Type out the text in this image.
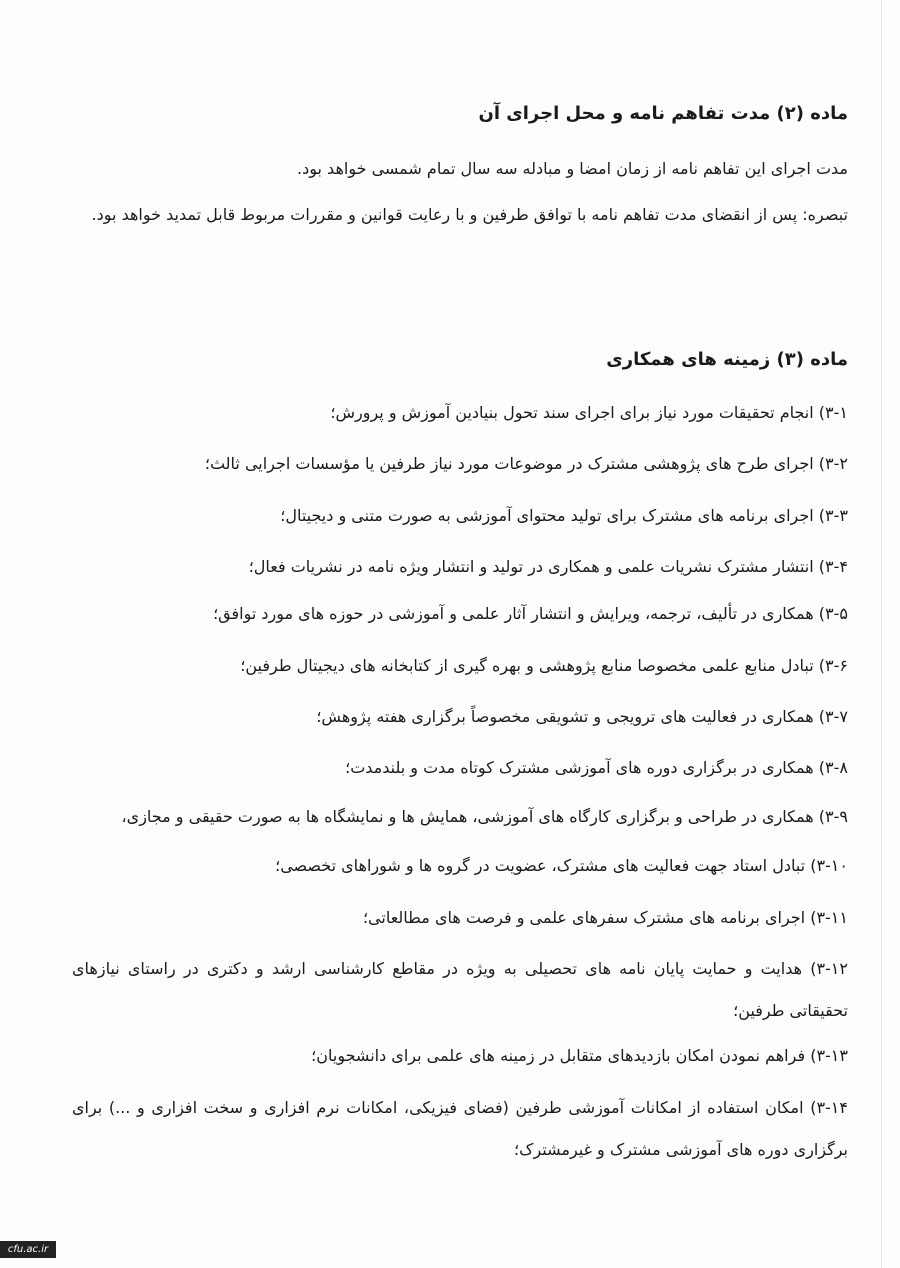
ماده (۲) مدت تفاهم نامه و محل اجرای آن
مدت اجرای این تفاهم نامه از زمان امضا و مبادله سه سال تمام شمسی خواهد بود.
تبصره: پس از انقضای مدت تفاهم نامه با توافق طرفین و با رعایت قوانین و مقررات مربوط قابل تمدید خواهد بود.
ماده (۳) زمینه های همکاری
۳-۱) انجام تحقیقات مورد نیاز برای اجرای سند تحول بنیادین آموزش و پرورش؛
۳-۲) اجرای طرح های پژوهشی مشترک در موضوعات مورد نیاز طرفین یا مؤسسات اجرایی ثالث؛
۳-۳) اجرای برنامه های مشترک برای تولید محتوای آموزشی به صورت متنی و دیجیتال؛
۳-۴) انتشار مشترک نشریات علمی و همکاری در تولید و انتشار ویژه نامه در نشریات فعال؛
۳-۵) همکاری در تألیف، ترجمه، ویرایش و انتشار آثار علمی و آموزشی در حوزه های مورد توافق؛
۳-۶) تبادل منابع علمی مخصوصا منابع پژوهشی و بهره گیری از کتابخانه های دیجیتال طرفین؛
۳-۷) همکاری در فعالیت های ترویجی و تشویقی مخصوصاً برگزاری هفته پژوهش؛
۳-۸) همکاری در برگزاری دوره های آموزشی مشترک کوتاه مدت و بلندمدت؛
۳-۹) همکاری در طراحی و برگزاری کارگاه های آموزشی، همایش ها و نمایشگاه ها به صورت حقیقی و مجازی،
۳-۱۰) تبادل استاد جهت فعالیت های مشترک، عضویت در گروه ها و شوراهای تخصصی؛
۳-۱۱) اجرای برنامه های مشترک سفرهای علمی و فرصت های مطالعاتی؛
۳-۱۲) هدایت و حمایت پایان نامه های تحصیلی به ویژه در مقاطع کارشناسی ارشد و دکتری در راستای نیازهای تحقیقاتی طرفین؛
۳-۱۳) فراهم نمودن امکان بازدیدهای متقابل در زمینه های علمی برای دانشجویان؛
۳-۱۴) امکان استفاده از امکانات آموزشی طرفین (فضای فیزیکی، امکانات نرم افزاری و سخت افزاری و ...) برای برگزاری دوره های آموزشی مشترک و غیرمشترک؛
cfu.ac.ir
